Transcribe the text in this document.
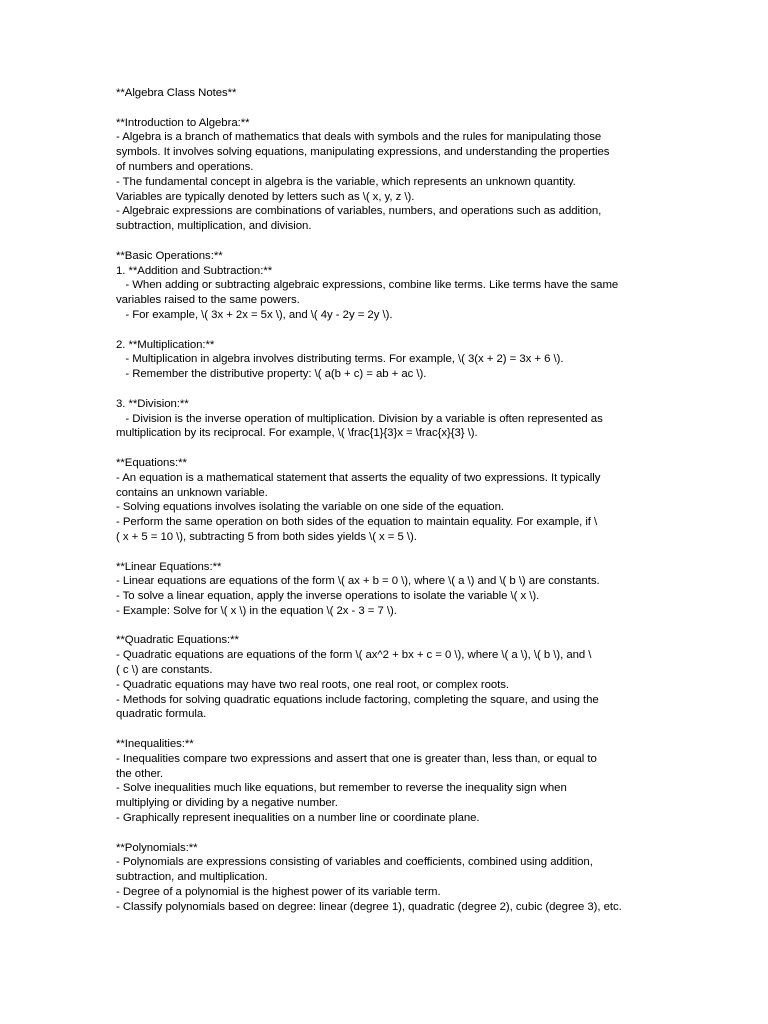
**Algebra Class Notes**
**Introduction to Algebra:**
- Algebra is a branch of mathematics that deals with symbols and the rules for manipulating those
symbols. It involves solving equations, manipulating expressions, and understanding the properties
of numbers and operations.
- The fundamental concept in algebra is the variable, which represents an unknown quantity.
Variables are typically denoted by letters such as \( x, y, z \).
- Algebraic expressions are combinations of variables, numbers, and operations such as addition,
subtraction, multiplication, and division.
**Basic Operations:**
1. **Addition and Subtraction:**
- When adding or subtracting algebraic expressions, combine like terms. Like terms have the same
variables raised to the same powers.
- For example, \( 3x + 2x = 5x \), and \( 4y - 2y = 2y \).
2. **Multiplication:**
- Multiplication in algebra involves distributing terms. For example, \( 3(x + 2) = 3x + 6 \).
- Remember the distributive property: \( a(b + c) = ab + ac \).
3. **Division:**
- Division is the inverse operation of multiplication. Division by a variable is often represented as
multiplication by its reciprocal. For example, \( \frac{1}{3}x = \frac{x}{3} \).
**Equations:**
- An equation is a mathematical statement that asserts the equality of two expressions. It typically
contains an unknown variable.
- Solving equations involves isolating the variable on one side of the equation.
- Perform the same operation on both sides of the equation to maintain equality. For example, if \
( x + 5 = 10 \), subtracting 5 from both sides yields \( x = 5 \).
**Linear Equations:**
- Linear equations are equations of the form \( ax + b = 0 \), where \( a \) and \( b \) are constants.
- To solve a linear equation, apply the inverse operations to isolate the variable \( x \).
- Example: Solve for \( x \) in the equation \( 2x - 3 = 7 \).
**Quadratic Equations:**
- Quadratic equations are equations of the form \( ax^2 + bx + c = 0 \), where \( a \), \( b \), and \
( c \) are constants.
- Quadratic equations may have two real roots, one real root, or complex roots.
- Methods for solving quadratic equations include factoring, completing the square, and using the
quadratic formula.
**Inequalities:**
- Inequalities compare two expressions and assert that one is greater than, less than, or equal to
the other.
- Solve inequalities much like equations, but remember to reverse the inequality sign when
multiplying or dividing by a negative number.
- Graphically represent inequalities on a number line or coordinate plane.
**Polynomials:**
- Polynomials are expressions consisting of variables and coefficients, combined using addition,
subtraction, and multiplication.
- Degree of a polynomial is the highest power of its variable term.
- Classify polynomials based on degree: linear (degree 1), quadratic (degree 2), cubic (degree 3), etc.
